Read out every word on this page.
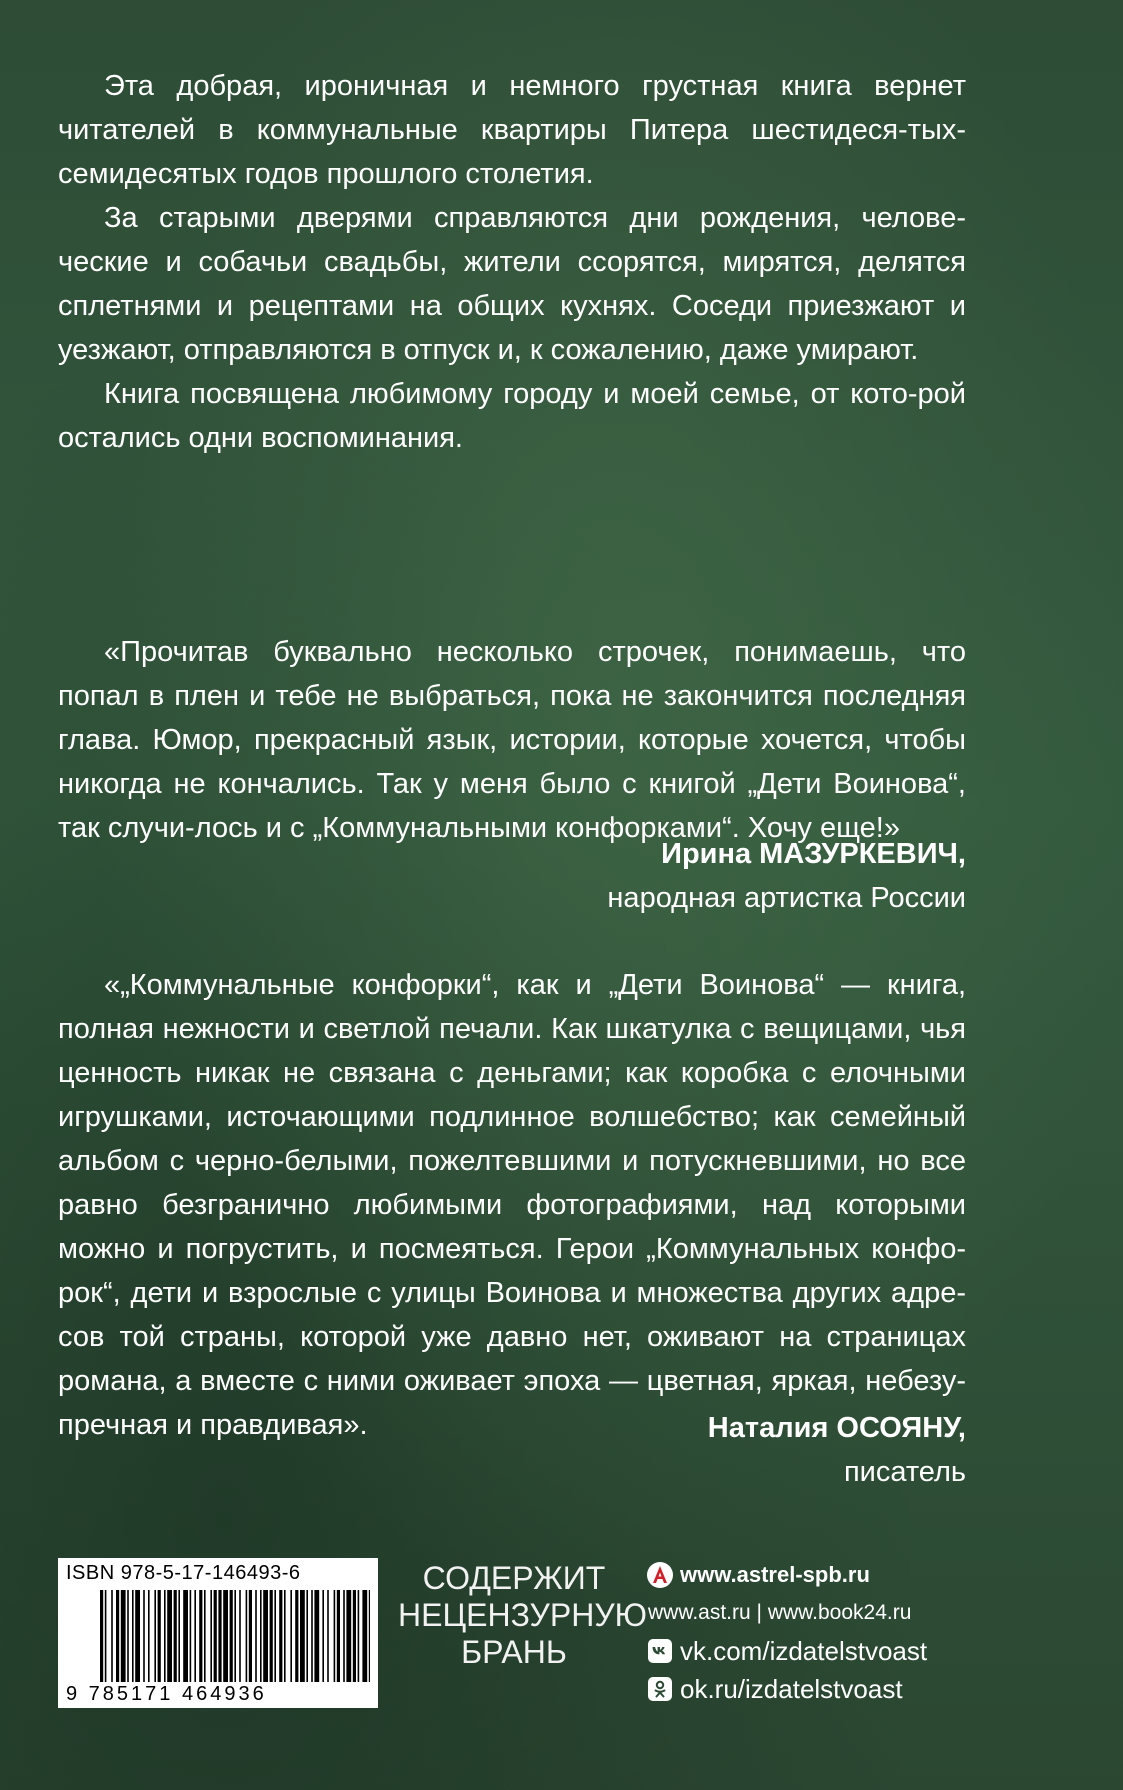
Эта добрая, ироничная и немного грустная книга вернет читателей в коммунальные квартиры Питера шестидеся-тых-семидесятых годов прошлого столетия.

За старыми дверями справляются дни рождения, челове-ческие и собачьи свадьбы, жители ссорятся, мирятся, делятся сплетнями и рецептами на общих кухнях. Соседи приезжают и уезжают, отправляются в отпуск и, к сожалению, даже умирают.

Книга посвящена любимому городу и моей семье, от кото-рой остались одни воспоминания.

«Прочитав буквально несколько строчек, понимаешь, что попал в плен и тебе не выбраться, пока не закончится последняя глава. Юмор, прекрасный язык, истории, которые хочется, чтобы никогда не кончались. Так у меня было с книгой „Дети Воинова“, так случи-лось и с „Коммунальными конфорками“. Хочу еще!»

Ирина МАЗУРКЕВИЧ,
народная артистка России

«„Коммунальные конфорки“, как и „Дети Воинова“ — книга, полная нежности и светлой печали. Как шкатулка с вещицами, чья ценность никак не связана с деньгами; как коробка с елочными игрушками, источающими подлинное волшебство; как семейный альбом с черно-белыми, пожелтевшими и потускневшими, но все равно безгранично любимыми фотографиями, над которыми можно и погрустить, и посмеяться. Герои „Коммунальных конфо-рок“, дети и взрослые с улицы Воинова и множества других адре-сов той страны, которой уже давно нет, оживают на страницах романа, а вместе с ними оживает эпоха — цветная, яркая, небезу-пречная и правдивая».	Наталия ОСОЯНУ,
писатель
ISBN 978-5-17-146493-6
9 785171 464936
СОДЕРЖИТ
НЕЦЕНЗУРНУЮ
БРАНЬ
www.astrel-spb.ru
www.ast.ru | www.book24.ru
vk.com/izdatelstvoast
ok.ru/izdatelstvoast
